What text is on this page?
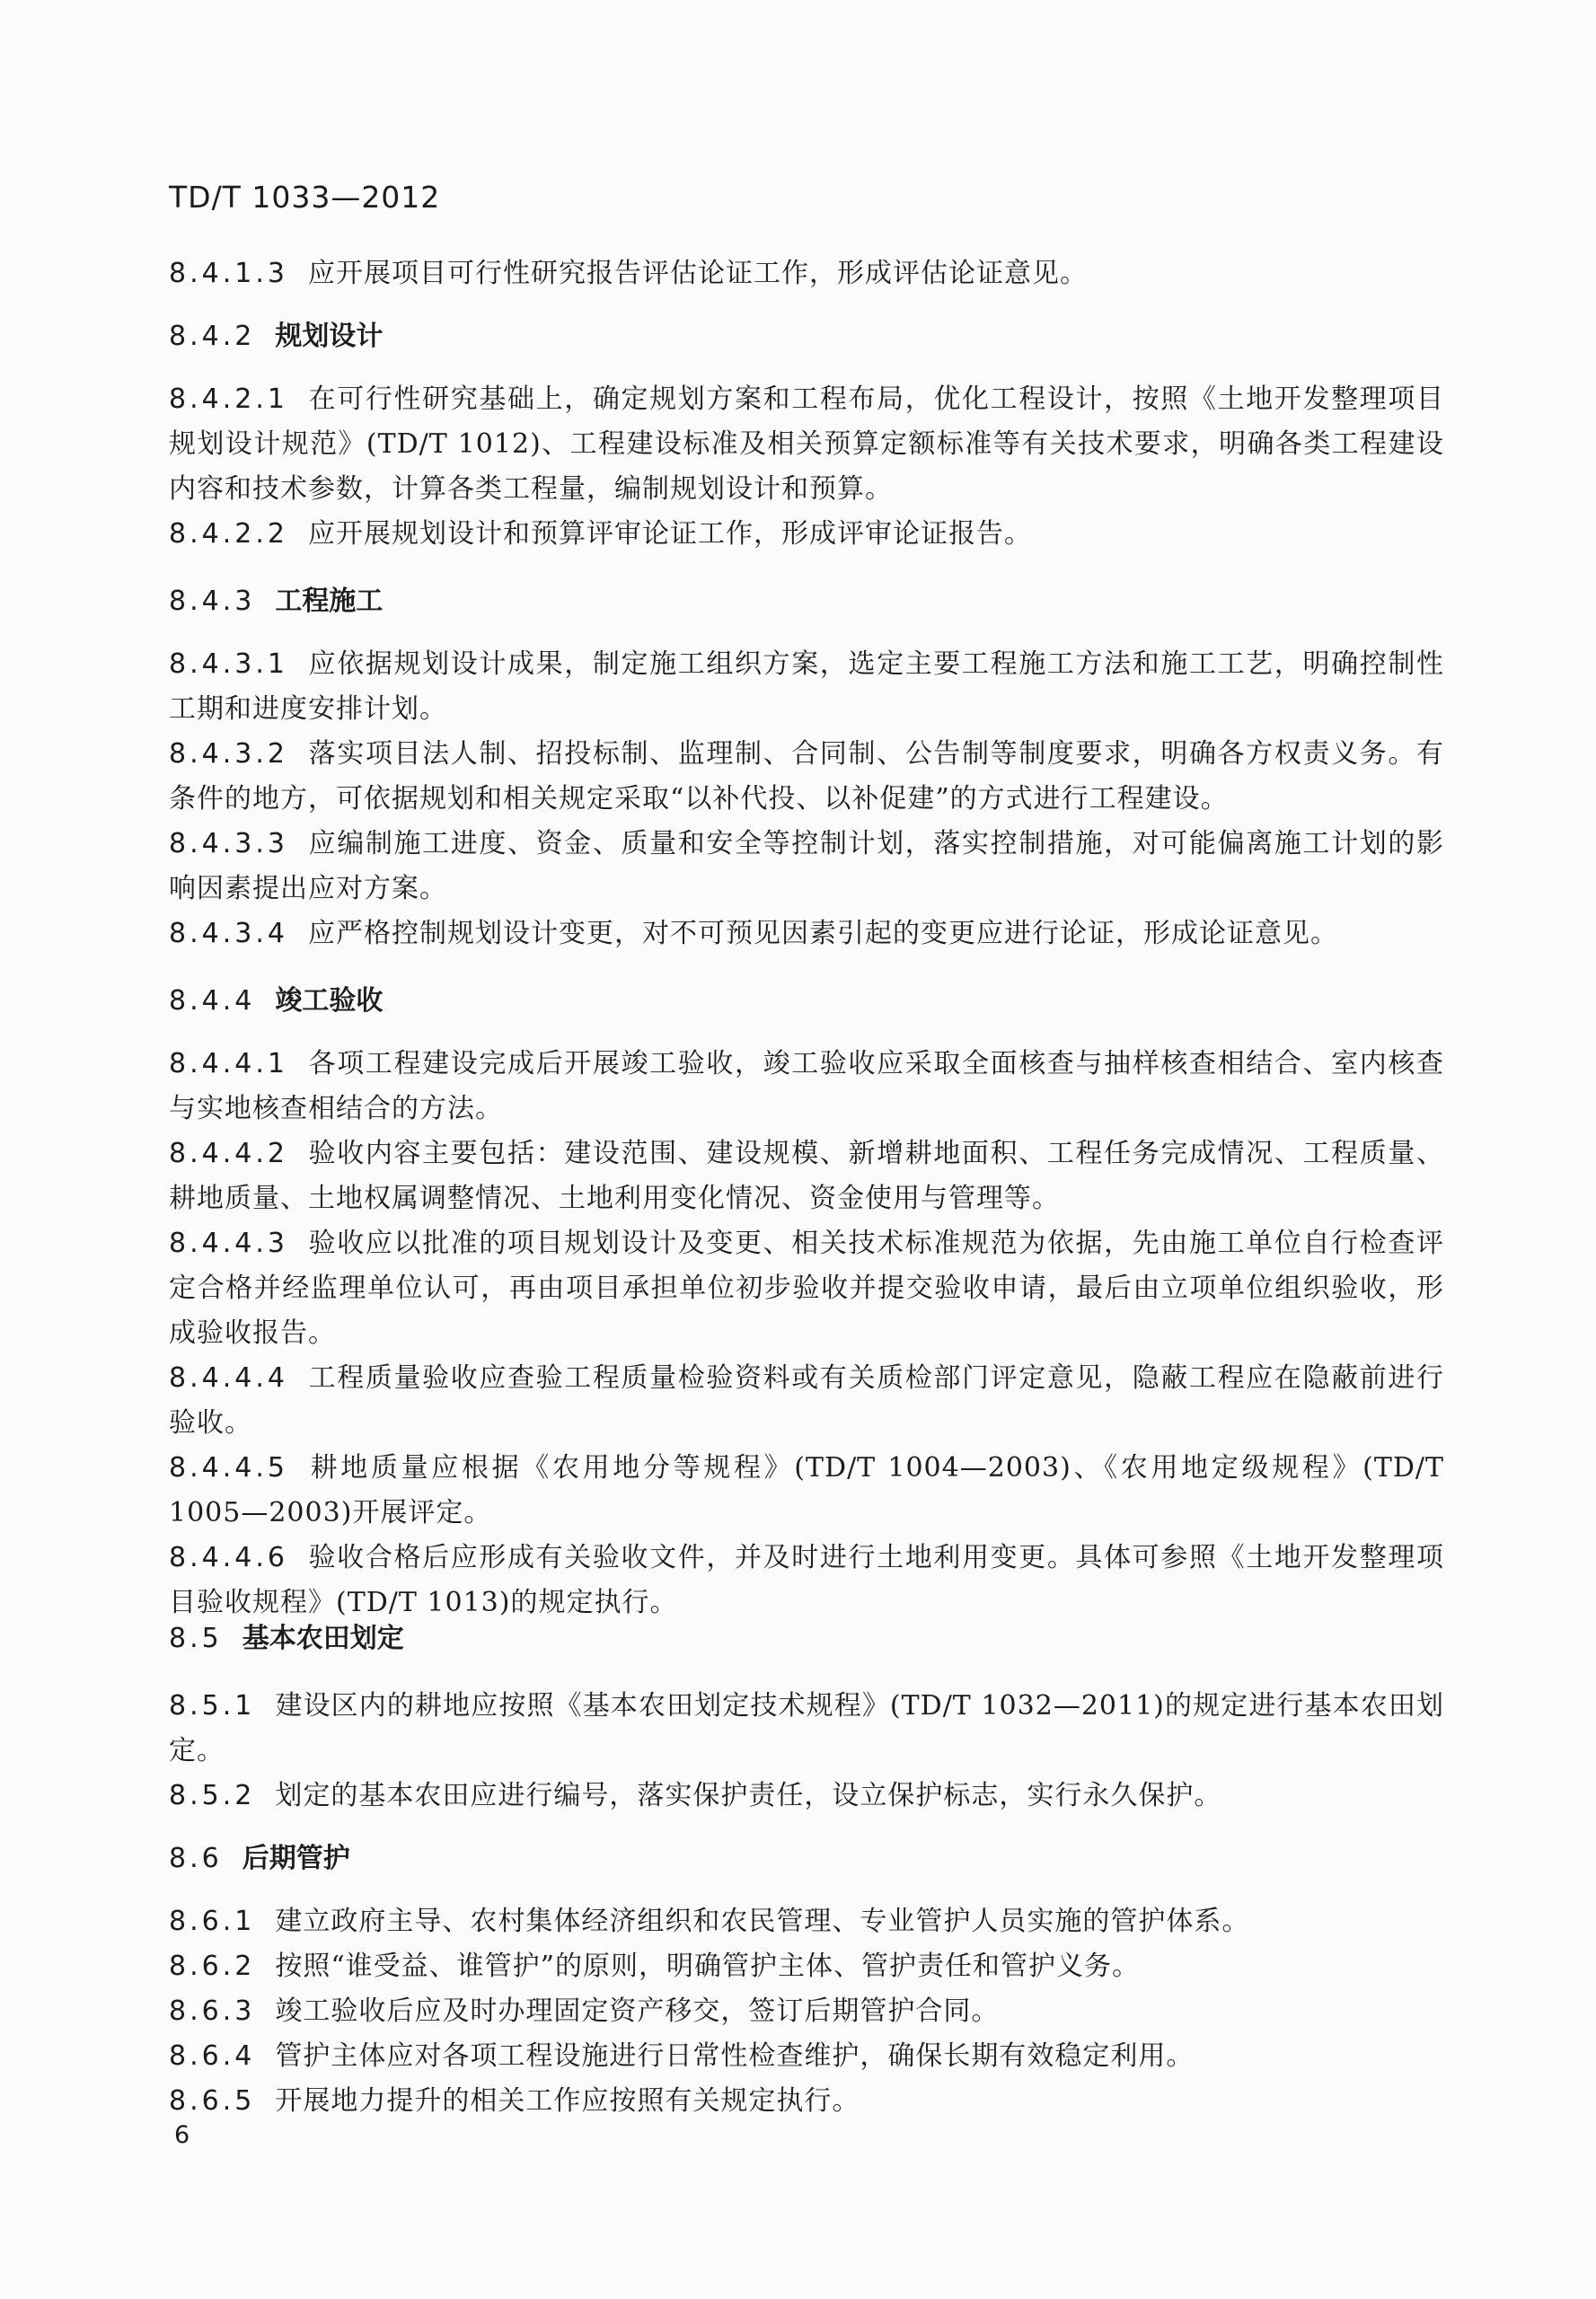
TD/T 1033—2012
8.4.1.3 应开展项目可行性研究报告评估论证工作，形成评估论证意见。
8.4.2 规划设计
8.4.2.1 在可行性研究基础上，确定规划方案和工程布局，优化工程设计，按照《土地开发整理项目规划设计规范》(TD/T 1012)、工程建设标准及相关预算定额标准等有关技术要求，明确各类工程建设内容和技术参数，计算各类工程量，编制规划设计和预算。
8.4.2.2 应开展规划设计和预算评审论证工作，形成评审论证报告。
8.4.3 工程施工
8.4.3.1 应依据规划设计成果，制定施工组织方案，选定主要工程施工方法和施工工艺，明确控制性工期和进度安排计划。
8.4.3.2 落实项目法人制、招投标制、监理制、合同制、公告制等制度要求，明确各方权责义务。有条件的地方，可依据规划和相关规定采取“以补代投、以补促建”的方式进行工程建设。
8.4.3.3 应编制施工进度、资金、质量和安全等控制计划，落实控制措施，对可能偏离施工计划的影响因素提出应对方案。
8.4.3.4 应严格控制规划设计变更，对不可预见因素引起的变更应进行论证，形成论证意见。
8.4.4 竣工验收
8.4.4.1 各项工程建设完成后开展竣工验收，竣工验收应采取全面核查与抽样核查相结合、室内核查与实地核查相结合的方法。
8.4.4.2 验收内容主要包括：建设范围、建设规模、新增耕地面积、工程任务完成情况、工程质量、耕地质量、土地权属调整情况、土地利用变化情况、资金使用与管理等。
8.4.4.3 验收应以批准的项目规划设计及变更、相关技术标准规范为依据，先由施工单位自行检查评定合格并经监理单位认可，再由项目承担单位初步验收并提交验收申请，最后由立项单位组织验收，形成验收报告。
8.4.4.4 工程质量验收应查验工程质量检验资料或有关质检部门评定意见，隐蔽工程应在隐蔽前进行验收。
8.4.4.5 耕地质量应根据《农用地分等规程》(TD/T 1004—2003)、《农用地定级规程》(TD/T 1005—2003)开展评定。
8.4.4.6 验收合格后应形成有关验收文件，并及时进行土地利用变更。具体可参照《土地开发整理项目验收规程》(TD/T 1013)的规定执行。
8.5 基本农田划定
8.5.1 建设区内的耕地应按照《基本农田划定技术规程》(TD/T 1032—2011)的规定进行基本农田划定。
8.5.2 划定的基本农田应进行编号，落实保护责任，设立保护标志，实行永久保护。
8.6 后期管护
8.6.1 建立政府主导、农村集体经济组织和农民管理、专业管护人员实施的管护体系。
8.6.2 按照“谁受益、谁管护”的原则，明确管护主体、管护责任和管护义务。
8.6.3 竣工验收后应及时办理固定资产移交，签订后期管护合同。
8.6.4 管护主体应对各项工程设施进行日常性检查维护，确保长期有效稳定利用。
8.6.5 开展地力提升的相关工作应按照有关规定执行。
6
